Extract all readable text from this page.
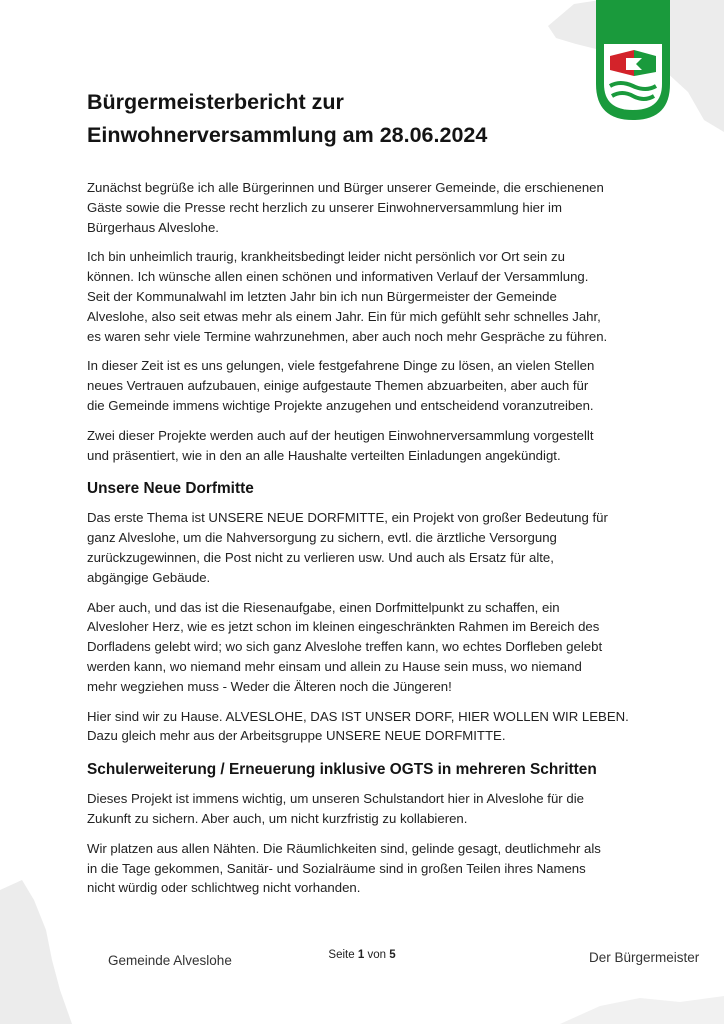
Bürgermeisterbericht zur
Einwohnerversammlung am 28.06.2024

Zunächst begrüße ich alle Bürgerinnen und Bürger unserer Gemeinde, die erschienenen
Gäste sowie die Presse recht herzlich zu unserer Einwohnerversammlung hier im
Bürgerhaus Alveslohe.

Ich bin unheimlich traurig, krankheitsbedingt leider nicht persönlich vor Ort sein zu
können. Ich wünsche allen einen schönen und informativen Verlauf der Versammlung.
Seit der Kommunalwahl im letzten Jahr bin ich nun Bürgermeister der Gemeinde
Alveslohe, also seit etwas mehr als einem Jahr. Ein für mich gefühlt sehr schnelles Jahr,
es waren sehr viele Termine wahrzunehmen, aber auch noch mehr Gespräche zu führen.

In dieser Zeit ist es uns gelungen, viele festgefahrene Dinge zu lösen, an vielen Stellen
neues Vertrauen aufzubauen, einige aufgestaute Themen abzuarbeiten, aber auch für
die Gemeinde immens wichtige Projekte anzugehen und entscheidend voranzutreiben.

Zwei dieser Projekte werden auch auf der heutigen Einwohnerversammlung vorgestellt
und präsentiert, wie in den an alle Haushalte verteilten Einladungen angekündigt.

Unsere Neue Dorfmitte

Das erste Thema ist UNSERE NEUE DORFMITTE, ein Projekt von großer Bedeutung für
ganz Alveslohe, um die Nahversorgung zu sichern, evtl. die ärztliche Versorgung
zurückzugewinnen, die Post nicht zu verlieren usw. Und auch als Ersatz für alte,
abgängige Gebäude.

Aber auch, und das ist die Riesenaufgabe, einen Dorfmittelpunkt zu schaffen, ein
Alvesloher Herz, wie es jetzt schon im kleinen eingeschränkten Rahmen im Bereich des
Dorfladens gelebt wird; wo sich ganz Alveslohe treffen kann, wo echtes Dorfleben gelebt
werden kann, wo niemand mehr einsam und allein zu Hause sein muss, wo niemand
mehr wegziehen muss - Weder die Älteren noch die Jüngeren!

Hier sind wir zu Hause. ALVESLOHE, DAS IST UNSER DORF, HIER WOLLEN WIR LEBEN.
Dazu gleich mehr aus der Arbeitsgruppe UNSERE NEUE DORFMITTE.

Schulerweiterung / Erneuerung inklusive OGTS in mehreren Schritten

Dieses Projekt ist immens wichtig, um unseren Schulstandort hier in Alveslohe für die
Zukunft zu sichern. Aber auch, um nicht kurzfristig zu kollabieren.

Wir platzen aus allen Nähten. Die Räumlichkeiten sind, gelinde gesagt, deutlichmehr als
in die Tage gekommen, Sanitär- und Sozialräume sind in großen Teilen ihres Namens
nicht würdig oder schlichtweg nicht vorhanden.

Gemeinde Alveslohe	Seite 1 von 5	Der Bürgermeister
